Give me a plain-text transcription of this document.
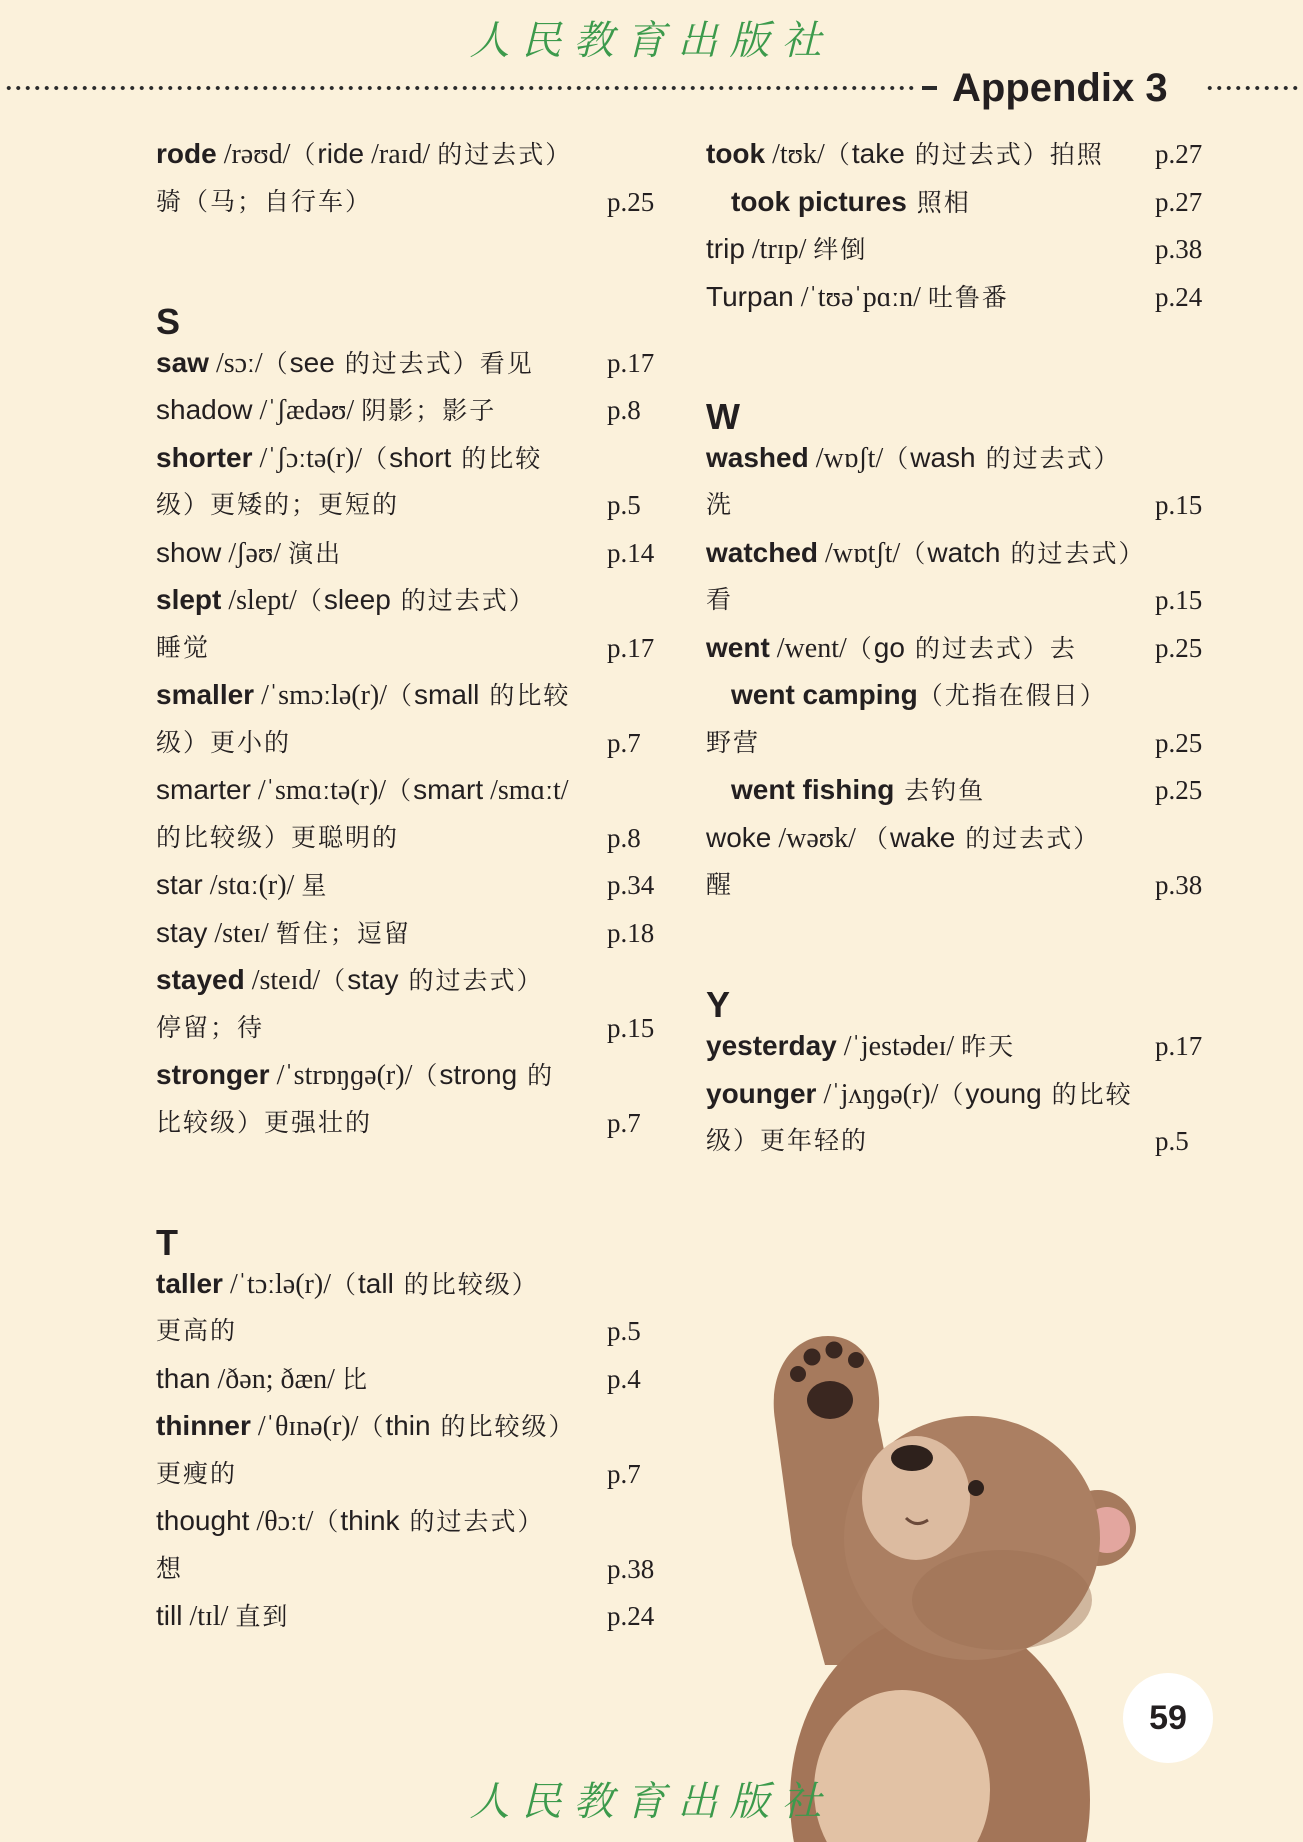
人民教育出版社
Appendix 3
59
人民教育出版社
rode /rəʊd/（ride /raɪd/ 的过去式）
骑（马；自行车）	p.25
S
saw /sɔː/（see 的过去式）看见	p.17
shadow /ˈʃædəʊ/ 阴影；影子	p.8
shorter /ˈʃɔːtə(r)/（short 的比较
级）更矮的；更短的	p.5
show /ʃəʊ/ 演出	p.14
slept /slept/（sleep 的过去式）
睡觉	p.17
smaller /ˈsmɔːlə(r)/（small 的比较
级）更小的	p.7
smarter /ˈsmɑːtə(r)/（smart /smɑːt/
的比较级）更聪明的	p.8
star /stɑː(r)/ 星	p.34
stay /steɪ/ 暂住；逗留	p.18
stayed /steɪd/（stay 的过去式）
停留；待	p.15
stronger /ˈstrɒŋɡə(r)/（strong 的
比较级）更强壮的	p.7
T
taller /ˈtɔːlə(r)/（tall 的比较级）
更高的	p.5
than /ðən; ðæn/ 比	p.4
thinner /ˈθɪnə(r)/（thin 的比较级）
更瘦的	p.7
thought /θɔːt/（think 的过去式）
想	p.38
till /tɪl/ 直到	p.24
took /tʊk/（take 的过去式）拍照 p.27
took pictures 照相	p.27
trip /trɪp/ 绊倒	p.38
Turpan /ˈtʊəˈpɑːn/ 吐鲁番	p.24
W
washed /wɒʃt/（wash 的过去式）
洗	p.15
watched /wɒtʃt/（watch 的过去式）
看	p.15
went /went/（go 的过去式）去	p.25
went camping（尤指在假日）
野营	p.25
went fishing 去钓鱼	p.25
woke /wəʊk/ （wake 的过去式）
醒	p.38
Y
yesterday /ˈjestədeɪ/ 昨天	p.17
younger /ˈjʌŋɡə(r)/（young 的比较
级）更年轻的	p.5
